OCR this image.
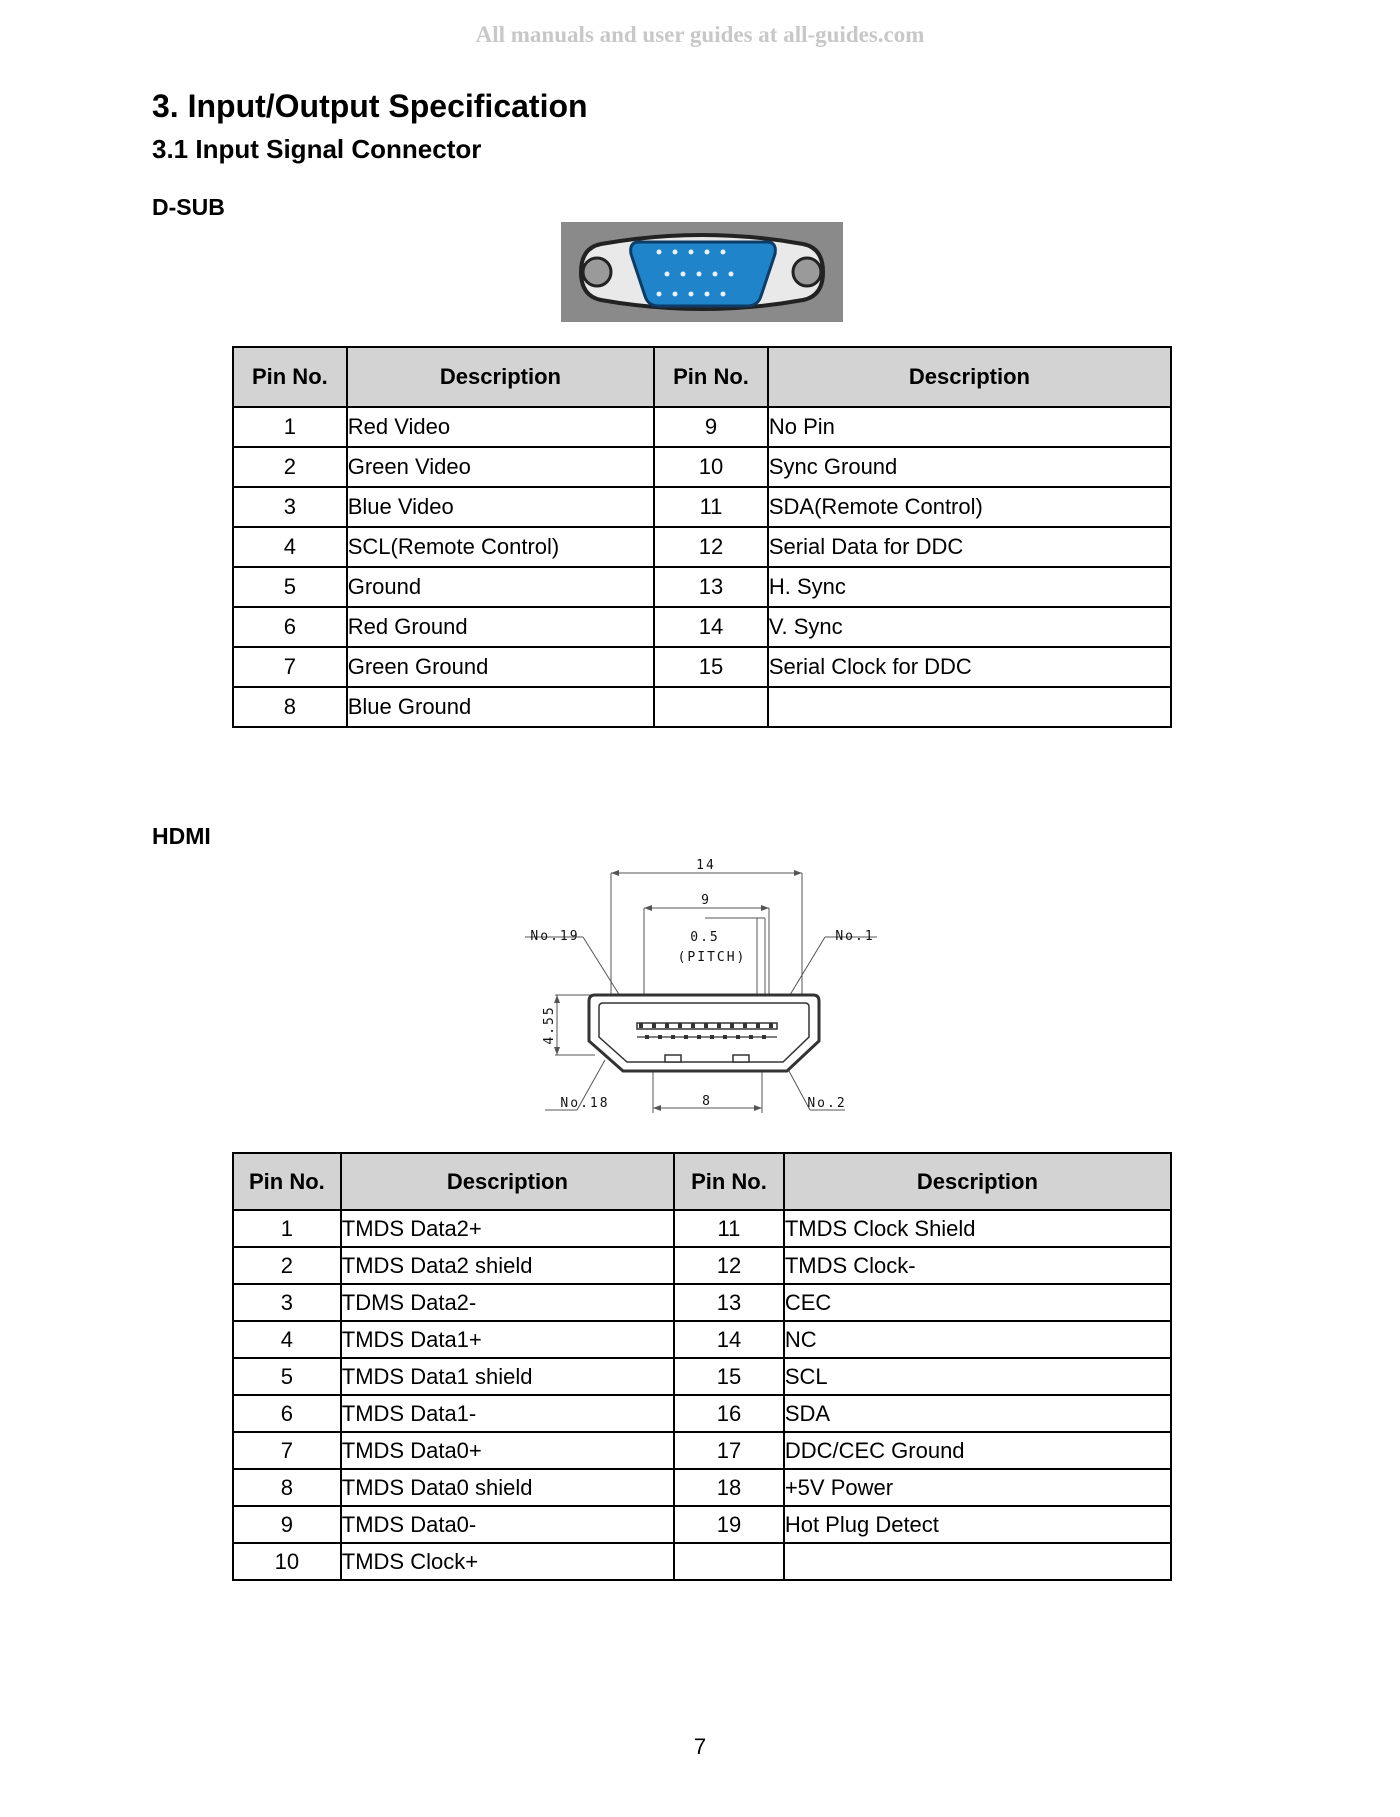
All manuals and user guides at all-guides.com
3. Input/Output Specification
3.1 Input Signal Connector
D-SUB
Pin No.	Description	Pin No.	Description
1	Red Video	9	No Pin
2	Green Video	10	Sync Ground
3	Blue Video	11	SDA(Remote Control)
4	SCL(Remote Control)	12	Serial Data for DDC
5	Ground	13	H. Sync
6	Red Ground	14	V. Sync
7	Green Ground	15	Serial Clock for DDC
8	Blue Ground		
HDMI
14
9
0.5
(PITCH)
No.19	No.1
No.18	No.2
8
4.55
Pin No.	Description	Pin No.	Description
1	TMDS Data2+	11	TMDS Clock Shield
2	TMDS Data2 shield	12	TMDS Clock-
3	TDMS Data2-	13	CEC
4	TMDS Data1+	14	NC
5	TMDS Data1 shield	15	SCL
6	TMDS Data1-	16	SDA
7	TMDS Data0+	17	DDC/CEC Ground
8	TMDS Data0 shield	18	+5V Power
9	TMDS Data0-	19	Hot Plug Detect
10	TMDS Clock+		
7
